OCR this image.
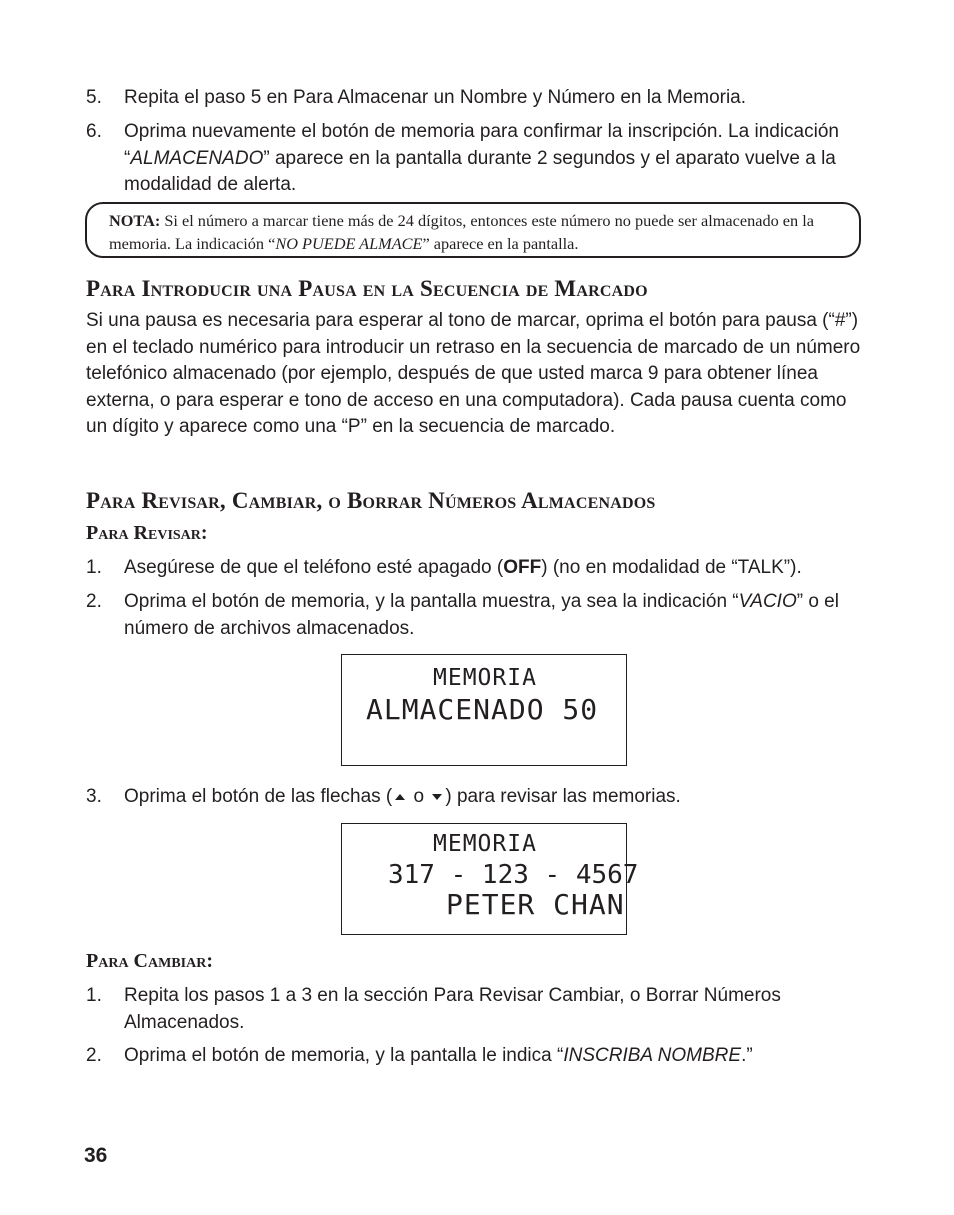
5. Repita el paso 5 en Para Almacenar un Nombre y Número en la Memoria.
6. Oprima nuevamente el botón de memoria para confirmar la inscripción. La indicación “ALMACENADO” aparece en la pantalla durante 2 segundos y el aparato vuelve a la modalidad de alerta.
NOTA: Si el número a marcar tiene más de 24 dígitos, entonces este número no puede ser almacenado en la memoria. La indicación “NO PUEDE ALMACE” aparece en la pantalla.
Para Introducir una Pausa en la Secuencia de Marcado
Si una pausa es necesaria para esperar al tono de marcar, oprima el botón para pausa (“#”) en el teclado numérico para introducir un retraso en la secuencia de marcado de un número telefónico almacenado (por ejemplo, después de que usted marca 9 para obtener línea externa, o para esperar e tono de acceso en una computadora). Cada pausa cuenta como un dígito y aparece como una “P” en la secuencia de marcado.
Para Revisar, Cambiar, o Borrar Números Almacenados
Para Revisar:
1. Asegúrese de que el teléfono esté apagado (OFF) (no en modalidad de “TALK”).
2. Oprima el botón de memoria, y la pantalla muestra, ya sea la indicación “VACIO” o el número de archivos almacenados.
MEMORIA
ALMACENADO 50
3. Oprima el botón de las flechas ( o ) para revisar las memorias.
MEMORIA
317 - 123 - 4567
PETER CHAN
Para Cambiar:
1. Repita los pasos 1 a 3 en la sección Para Revisar Cambiar, o Borrar Números Almacenados.
2. Oprima el botón de memoria, y la pantalla le indica “INSCRIBA NOMBRE.”
36
